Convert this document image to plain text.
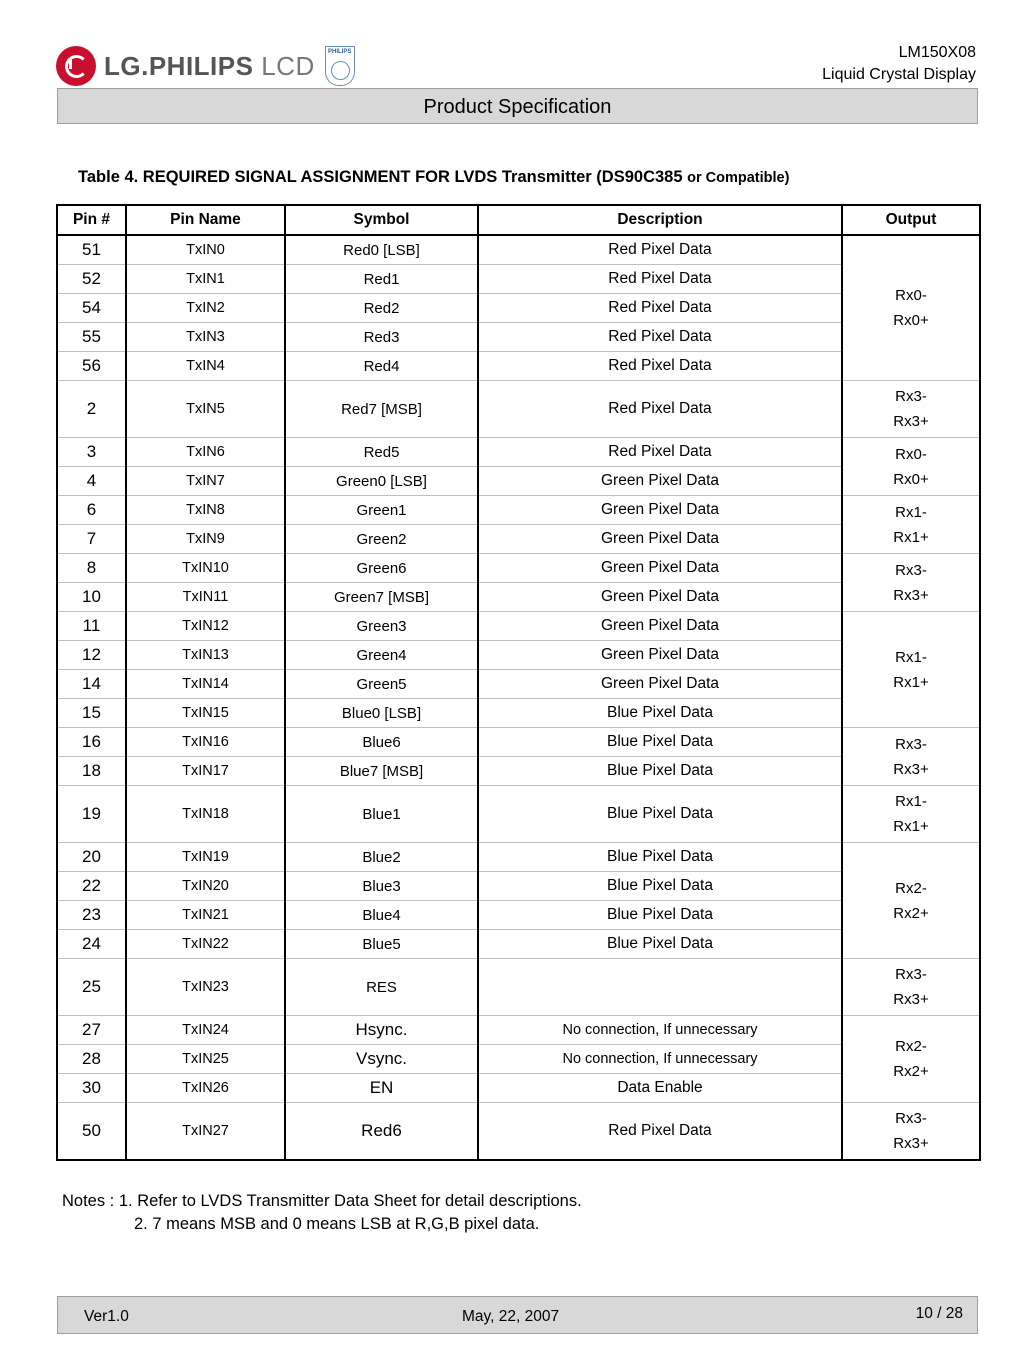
LG.PHILIPS LCD	PHILIPS	LM150X08
Liquid Crystal Display
Product Specification
Table 4. REQUIRED SIGNAL ASSIGNMENT FOR LVDS Transmitter (DS90C385 or Compatible)
Pin #	Pin Name	Symbol	Description	Output
51	TxIN0	Red0 [LSB]	Red Pixel Data	Rx0-
Rx0+

52	TxIN1	Red1	Red Pixel Data	
54	TxIN2	Red2	Red Pixel Data	
55	TxIN3	Red3	Red Pixel Data	
56	TxIN4	Red4	Red Pixel Data	
2	TxIN5	Red7 [MSB]	Red Pixel Data	Rx3-
Rx3+

3	TxIN6	Red5	Red Pixel Data	Rx0-
Rx0+

4	TxIN7	Green0 [LSB]	Green Pixel Data	
6	TxIN8	Green1	Green Pixel Data	Rx1-
Rx1+

7	TxIN9	Green2	Green Pixel Data	
8	TxIN10	Green6	Green Pixel Data	Rx3-
Rx3+

10	TxIN11	Green7 [MSB]	Green Pixel Data	
11	TxIN12	Green3	Green Pixel Data	Rx1-
Rx1+

12	TxIN13	Green4	Green Pixel Data	
14	TxIN14	Green5	Green Pixel Data	
15	TxIN15	Blue0 [LSB]	Blue Pixel Data	
16	TxIN16	Blue6	Blue Pixel Data	Rx3-
Rx3+

18	TxIN17	Blue7 [MSB]	Blue Pixel Data	
19	TxIN18	Blue1	Blue Pixel Data	Rx1-
Rx1+

20	TxIN19	Blue2	Blue Pixel Data	Rx2-
Rx2+

22	TxIN20	Blue3	Blue Pixel Data	
23	TxIN21	Blue4	Blue Pixel Data	
24	TxIN22	Blue5	Blue Pixel Data	
25	TxIN23	RES		Rx3-
Rx3+

27	TxIN24	Hsync.	No connection, If unnecessary	Rx2-
Rx2+

28	TxIN25	Vsync.	No connection, If unnecessary	
30	TxIN26	EN	Data Enable	
50	TxIN27	Red6	Red Pixel Data	Rx3-
Rx3+
Notes : 1. Refer to LVDS Transmitter Data Sheet for detail descriptions.
2. 7 means MSB and 0 means LSB at R,G,B pixel data.
Ver1.0	May, 22, 2007	10 / 28
